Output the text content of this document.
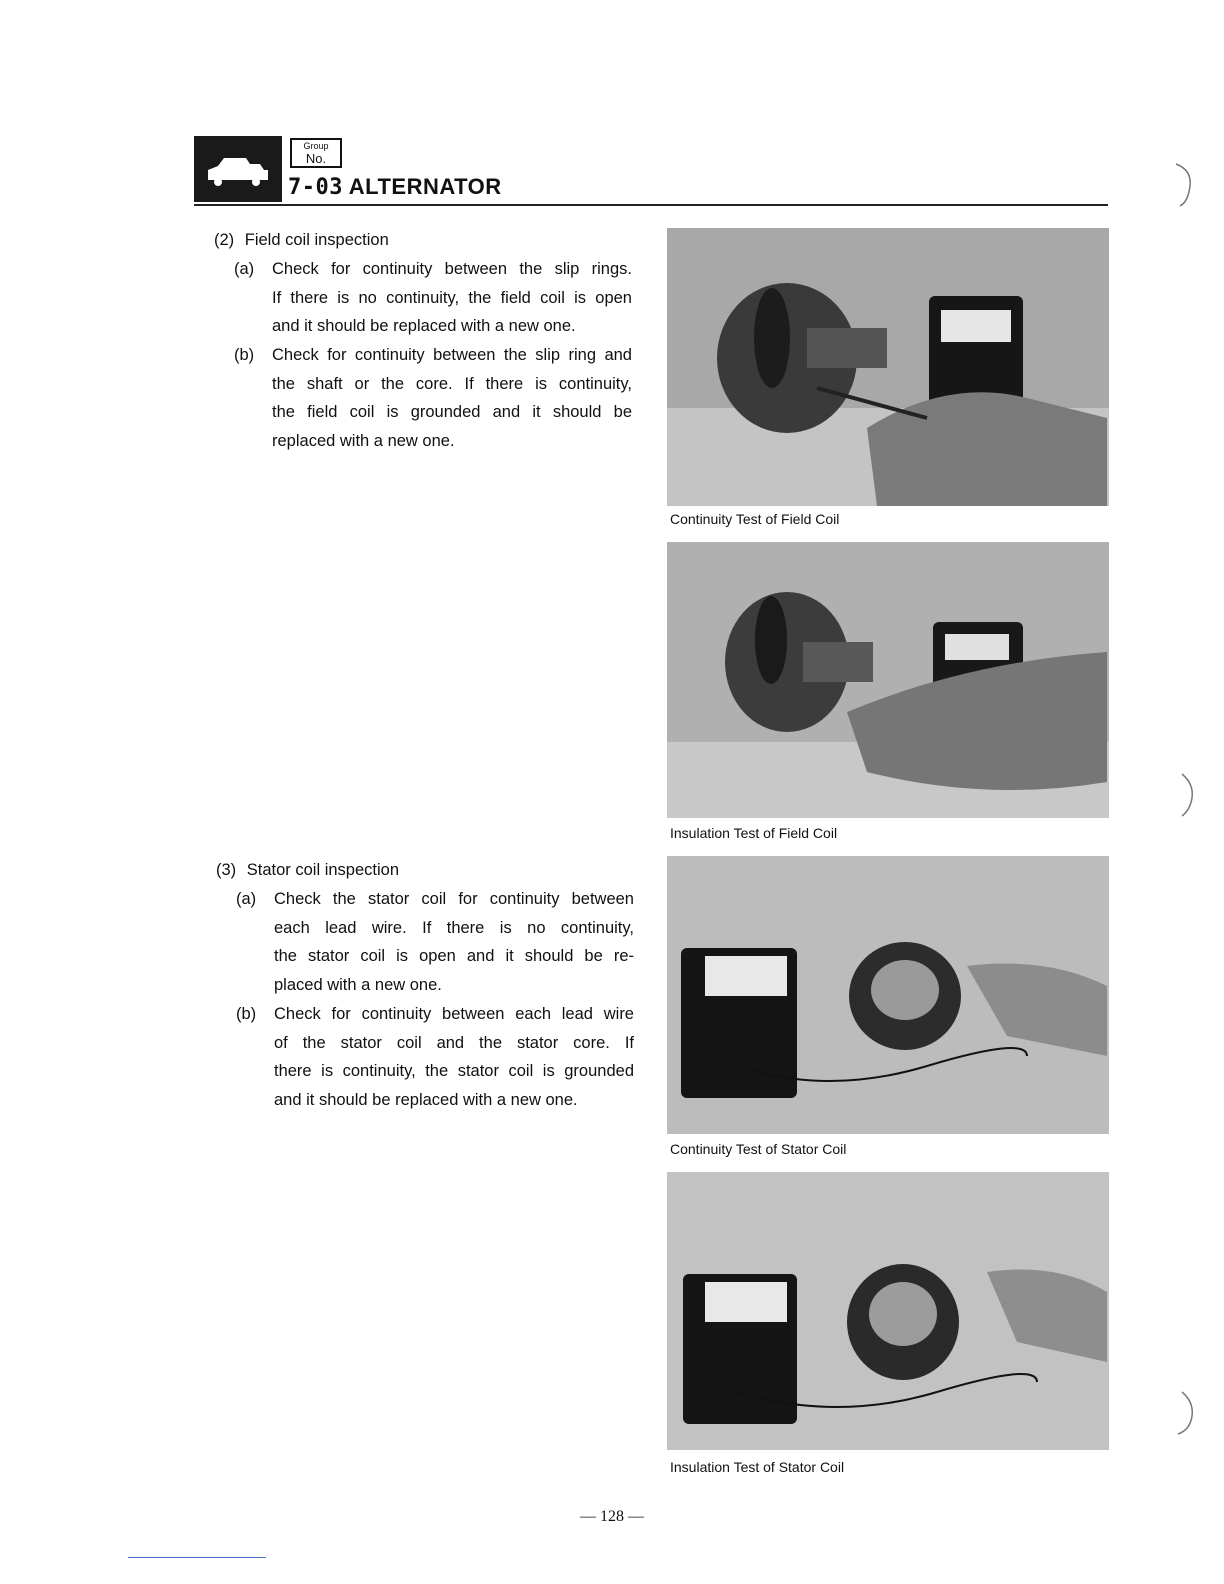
Group
No.
7-03 ALTERNATOR
(2) Field coil inspection
(a) Check for continuity between the slip rings.
If there is no continuity, the field coil is open
and it should be replaced with a new one.
(b) Check for continuity between the slip ring and
the shaft or the core. If there is continuity,
the field coil is grounded and it should be
replaced with a new one.
(3) Stator coil inspection
(a) Check the stator coil for continuity between
each lead wire. If there is no continuity,
the stator coil is open and it should be re-
placed with a new one.
(b) Check for continuity between each lead wire
of the stator coil and the stator core. If
there is continuity, the stator coil is grounded
and it should be replaced with a new one.
Continuity Test of Field Coil
Insulation Test of Field Coil
Continuity Test of Stator Coil
Insulation Test of Stator Coil
— 128 —
